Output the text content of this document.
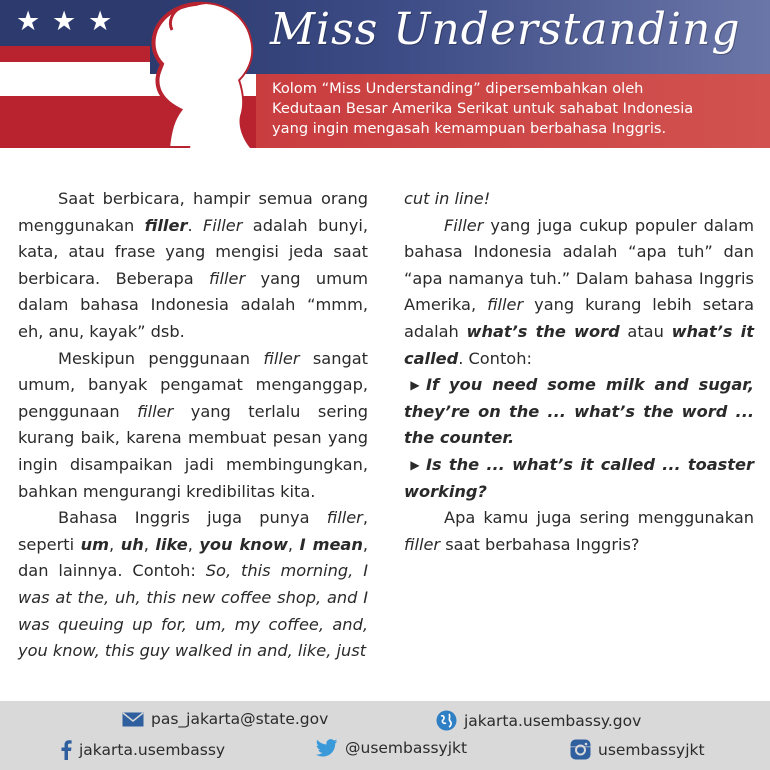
★ ★ ★	Miss Understanding
Kolom “Miss Understanding” dipersembahkan oleh
Kedutaan Besar Amerika Serikat untuk sahabat Indonesia
yang ingin mengasah kemampuan berbahasa Inggris.

Saat berbicara, hampir semua orang menggunakan filler. Filler adalah bunyi, kata, atau frase yang mengisi jeda saat berbicara. Beberapa filler yang umum dalam bahasa Indonesia adalah “mmm, eh, anu, kayak” dsb.

Meskipun penggunaan filler sangat umum, banyak pengamat menganggap, penggunaan filler yang terlalu sering kurang baik, karena membuat pesan yang ingin disampaikan jadi membingungkan, bahkan mengurangi kredibilitas kita.

Bahasa Inggris juga punya filler, seperti um, uh, like, you know, I mean, dan lainnya. Contoh: So, this morning, I was at the, uh, this new coffee shop, and I was queuing up for, um, my coffee, and, you know, this guy walked in and, like, just

cut in line!

Filler yang juga cukup populer dalam bahasa Indonesia adalah “apa tuh” dan “apa namanya tuh.” Dalam bahasa Inggris Amerika, filler yang kurang lebih setara adalah what’s the word atau what’s it called. Contoh:

▶ If you need some milk and sugar, they’re on the ... what’s the word ... the counter.

▶ Is the ... what’s it called ... toaster working?

Apa kamu juga sering menggunakan filler saat berbahasa Inggris?

pas_jakarta@state.gov	jakarta.usembassy.gov
jakarta.usembassy	@usembassyjkt	usembassyjkt
